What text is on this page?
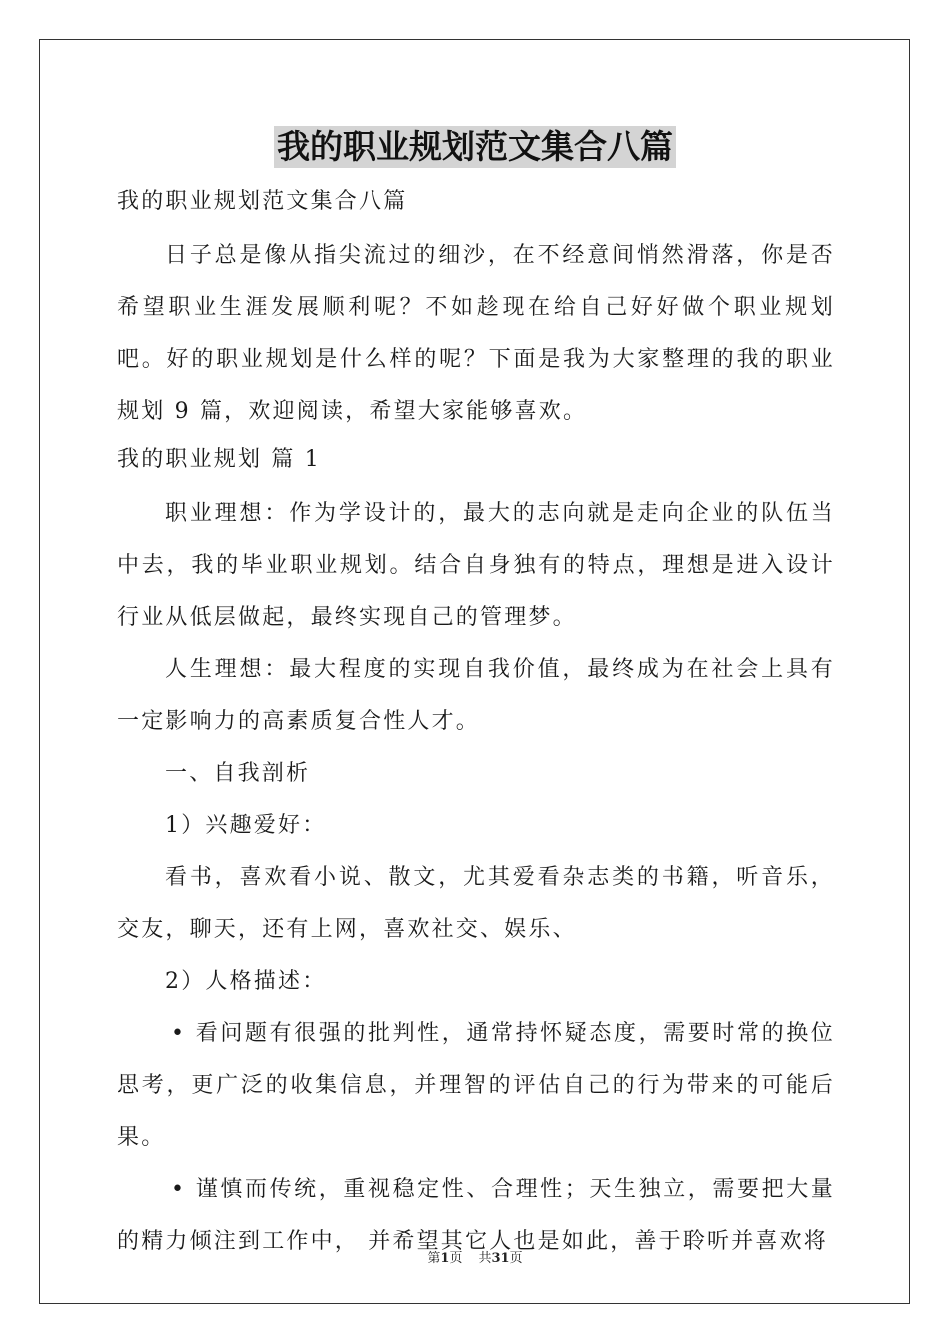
我的职业规划范文集合八篇

我的职业规划范文集合八篇

日子总是像从指尖流过的细沙，在不经意间悄然滑落，你是否希望职业生涯发展顺利呢？不如趁现在给自己好好做个职业规划吧。好的职业规划是什么样的呢？下面是我为大家整理的我的职业规划 9 篇，欢迎阅读，希望大家能够喜欢。

我的职业规划 篇 1

职业理想：作为学设计的，最大的志向就是走向企业的队伍当中去，我的毕业职业规划。结合自身独有的特点，理想是进入设计行业从低层做起，最终实现自己的管理梦。

人生理想：最大程度的实现自我价值，最终成为在社会上具有一定影响力的高素质复合性人才。

一、自我剖析

1）兴趣爱好：

看书，喜欢看小说、散文，尤其爱看杂志类的书籍，听音乐，交友，聊天，还有上网，喜欢社交、娱乐、

2）人格描述：

• 看问题有很强的批判性，通常持怀疑态度，需要时常的换位思考，更广泛的收集信息，并理智的评估自己的行为带来的可能后果。

• 谨慎而传统，重视稳定性、合理性；天生独立，需要把大量的精力倾注到工作中， 并希望其它人也是如此，善于聆听并喜欢将

第1页 共31页
